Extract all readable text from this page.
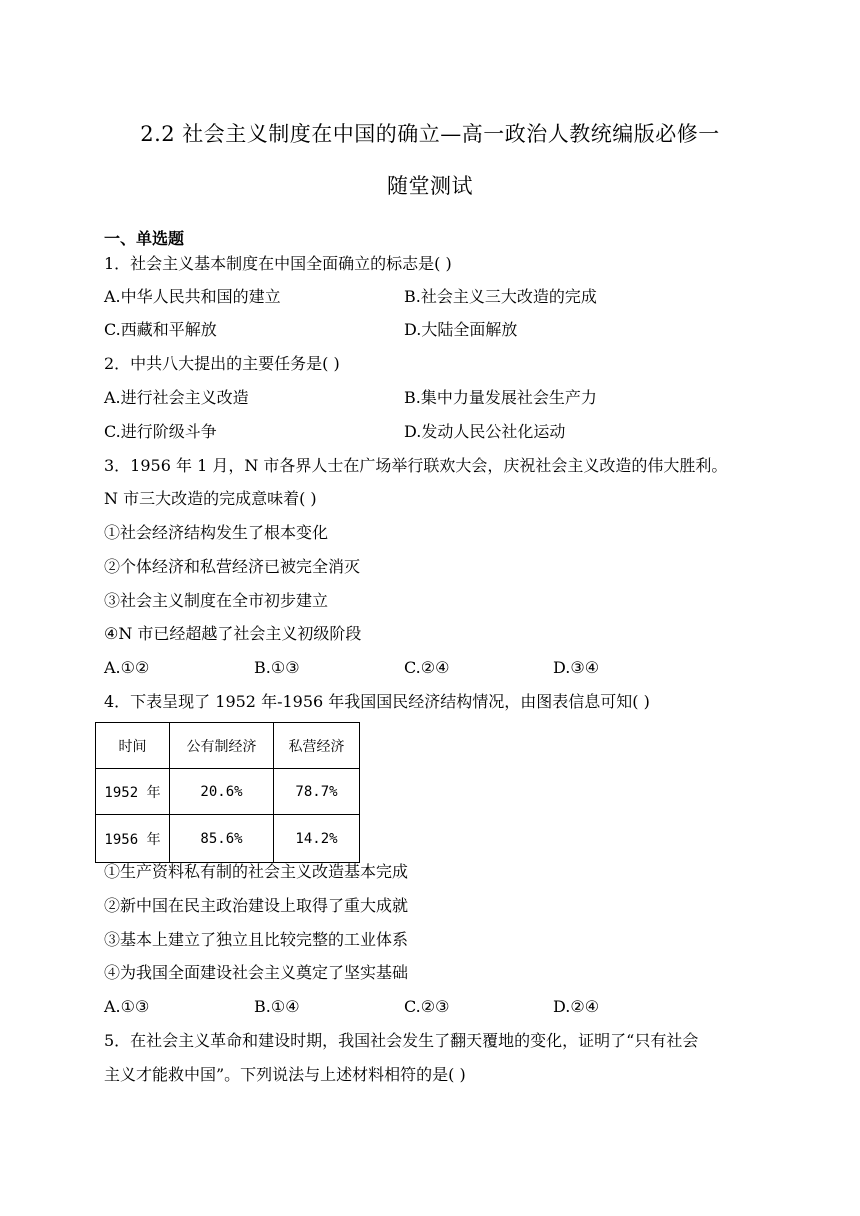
2.2 社会主义制度在中国的确立—高一政治人教统编版必修一
随堂测试
一、单选题
1．社会主义基本制度在中国全面确立的标志是( )
A.中华人民共和国的建立	B.社会主义三大改造的完成
C.西藏和平解放	D.大陆全面解放
2．中共八大提出的主要任务是( )
A.进行社会主义改造	B.集中力量发展社会生产力
C.进行阶级斗争	D.发动人民公社化运动
3．1956 年 1 月，N 市各界人士在广场举行联欢大会，庆祝社会主义改造的伟大胜利。
N 市三大改造的完成意味着( )
①社会经济结构发生了根本变化
②个体经济和私营经济已被完全消灭
③社会主义制度在全市初步建立
④N 市已经超越了社会主义初级阶段
A.①②	B.①③	C.②④	D.③④
4．下表呈现了 1952 年-1956 年我国国民经济结构情况，由图表信息可知( )
时间	公有制经济	私营经济
1952 年	20.6%	78.7%
1956 年	85.6%	14.2%
①生产资料私有制的社会主义改造基本完成
②新中国在民主政治建设上取得了重大成就
③基本上建立了独立且比较完整的工业体系
④为我国全面建设社会主义奠定了坚实基础
A.①③	B.①④	C.②③	D.②④
5．在社会主义革命和建设时期，我国社会发生了翻天覆地的变化，证明了“只有社会
主义才能救中国”。下列说法与上述材料相符的是( )
